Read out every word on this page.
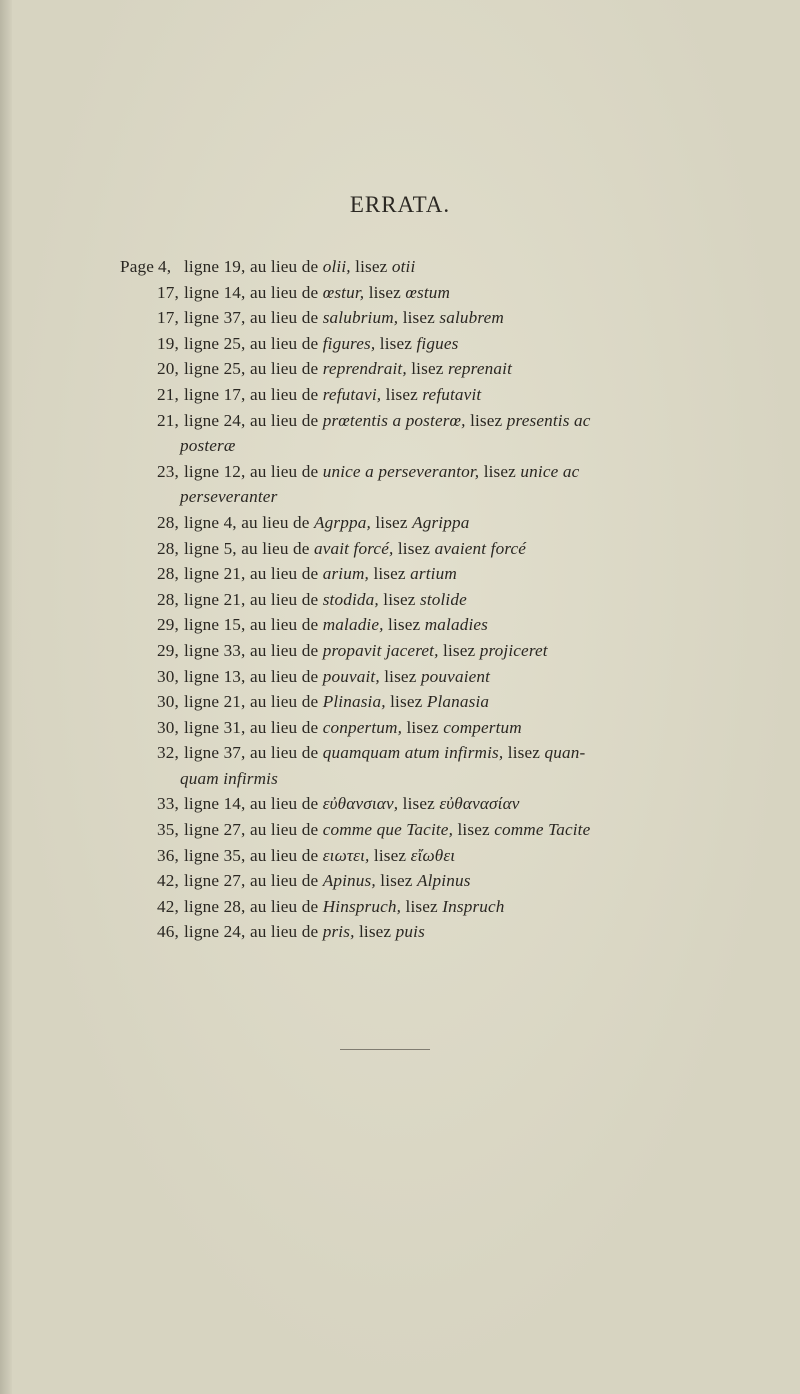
ERRATA.
Page 4, ligne 19, au lieu de olii, lisez otii
17, ligne 14, au lieu de œstur, lisez œstum
17, ligne 37, au lieu de salubrium, lisez salubrem
19, ligne 25, au lieu de figures, lisez figues
20, ligne 25, au lieu de reprendrait, lisez reprenait
21, ligne 17, au lieu de refutavi, lisez refutavit
21, ligne 24, au lieu de prœtentis a posterœ, lisez presentis ac
posteræ
23, ligne 12, au lieu de unice a perseverantor, lisez unice ac
perseveranter
28, ligne 4, au lieu de Agrppa, lisez Agrippa
28, ligne 5, au lieu de avait forcé, lisez avaient forcé
28, ligne 21, au lieu de arium, lisez artium
28, ligne 21, au lieu de stodida, lisez stolide
29, ligne 15, au lieu de maladie, lisez maladies
29, ligne 33, au lieu de propavit jaceret, lisez projiceret
30, ligne 13, au lieu de pouvait, lisez pouvaient
30, ligne 21, au lieu de Plinasia, lisez Planasia
30, ligne 31, au lieu de conpertum, lisez compertum
32, ligne 37, au lieu de quamquam atum infirmis, lisez quan-
quam infirmis
33, ligne 14, au lieu de εὐθανσιαν, lisez εὐθανασίαν
35, ligne 27, au lieu de comme que Tacite, lisez comme Tacite
36, ligne 35, au lieu de ειωτει, lisez εἴωθει
42, ligne 27, au lieu de Apinus, lisez Alpinus
42, ligne 28, au lieu de Hinspruch, lisez Inspruch
46, ligne 24, au lieu de pris, lisez puis
